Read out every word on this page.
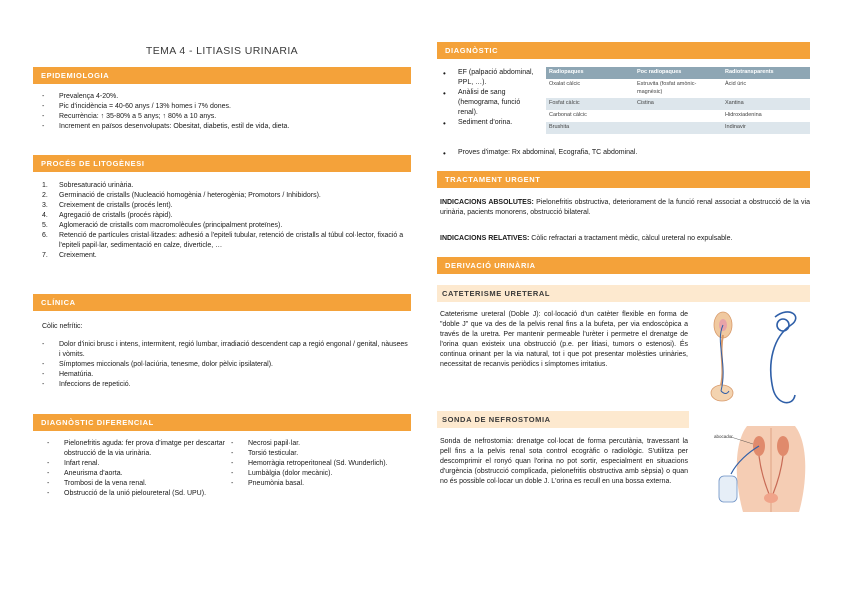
TEMA 4 - LITIASIS URINARIA
EPIDEMIOLOGIA
- Prevalença 4-20%.
- Pic d'incidència = 40-60 anys / 13% homes i 7% dones.
- Recurrència: ↑ 35-80% a 5 anys; ↑ 80% a 10 anys.
- Increment en països desenvolupats: Obesitat, diabetis, estil de vida, dieta.
PROCÉS DE LITOGÈNESI
1. Sobresaturació urinària.
2. Germinació de cristalls (Nucleació homogènia / heterogènia; Promotors / Inhibidors).
3. Creixement de cristalls (procés lent).
4. Agregació de cristalls (procés ràpid).
5. Aglomeració de cristalls com macromolècules (principalment proteïnes).
6. Retenció de partícules cristal·litzades: adhesió a l'epiteli tubular, retenció de cristalls al túbul col·lector, fixació a l'epiteli papil·lar, sedimentació en calze, diverticle, …
7. Creixement.
CLÍNICA
Còlic nefrític:
- Dolor d'inici brusc i intens, intermitent, regió lumbar, irradiació descendent cap a regió engonal / genital, nàusees i vòmits.
- Símptomes miccionals (pol·laciúria, tenesme, dolor pèlvic ipsilateral).
- Hematúria.
- Infeccions de repetició.
DIAGNÒSTIC DIFERENCIAL
- Pielonefritis aguda: fer prova d'imatge per descartar obstrucció de la via urinària.
- Infart renal.
- Aneurisma d'aorta.
- Trombosi de la vena renal.
- Obstrucció de la unió pieloureteral (Sd. UPU).
- Necrosi papil·lar.
- Torsió testicular.
- Hemorràgia retroperitoneal (Sd. Wunderlich).
- Lumbàlgia (dolor mecànic).
- Pneumònia basal.
DIAGNÒSTIC
• EF (palpació abdominal, PPL, …).
• Anàlisi de sang (hemograma, funció renal).
• Sediment d'orina.
• Proves d'imatge: Rx abdominal, Ecografia, TC abdominal.
Radiopaques	Poc radiopaques	Radiotransparents
Oxalat càlcic	Estruvita (fosfat amònic-magnèsic)	Àcid úric
Fosfat càlcic	Cistina	Xantina
Carbonat càlcic		Hidroxiadenina
Brushita		Indinavir
TRACTAMENT URGENT
INDICACIONS ABSOLUTES: Pielonefritis obstructiva, deteriorament de la funció renal associat a obstrucció de la via urinària, pacients monorens, obstrucció bilateral.
INDICACIONS RELATIVES: Còlic refractari a tractament mèdic, càlcul ureteral no expulsable.
DERIVACIÓ URINÀRIA
CATETERISME URETERAL
Cateterisme ureteral (Doble J): col·locació d'un catèter flexible en forma de "doble J" que va des de la pelvis renal fins a la bufeta, per via endoscòpica a través de la uretra. Per mantenir permeable l'urèter i permetre el drenatge de l'orina quan existeix una obstrucció (p.e. per litiasi, tumors o estenosi). És continua orinant per la via natural, tot i que pot presentar molèsties urinàries, necessitat de recanvis periòdics i símptomes irritatius.
SONDA DE NEFROSTOMIA
Sonda de nefrostomia: drenatge col·locat de forma percutània, travessant la pell fins a la pelvis renal sota control ecogràfic o radiològic. S'utilitza per descomprimir el ronyó quan l'orina no pot sortir, especialment en situacions d'urgència (obstrucció complicada, pielonefritis obstructiva amb sèpsia) o quan no és possible col·locar un doble J. L'orina es recull en una bossa externa.
abocador
